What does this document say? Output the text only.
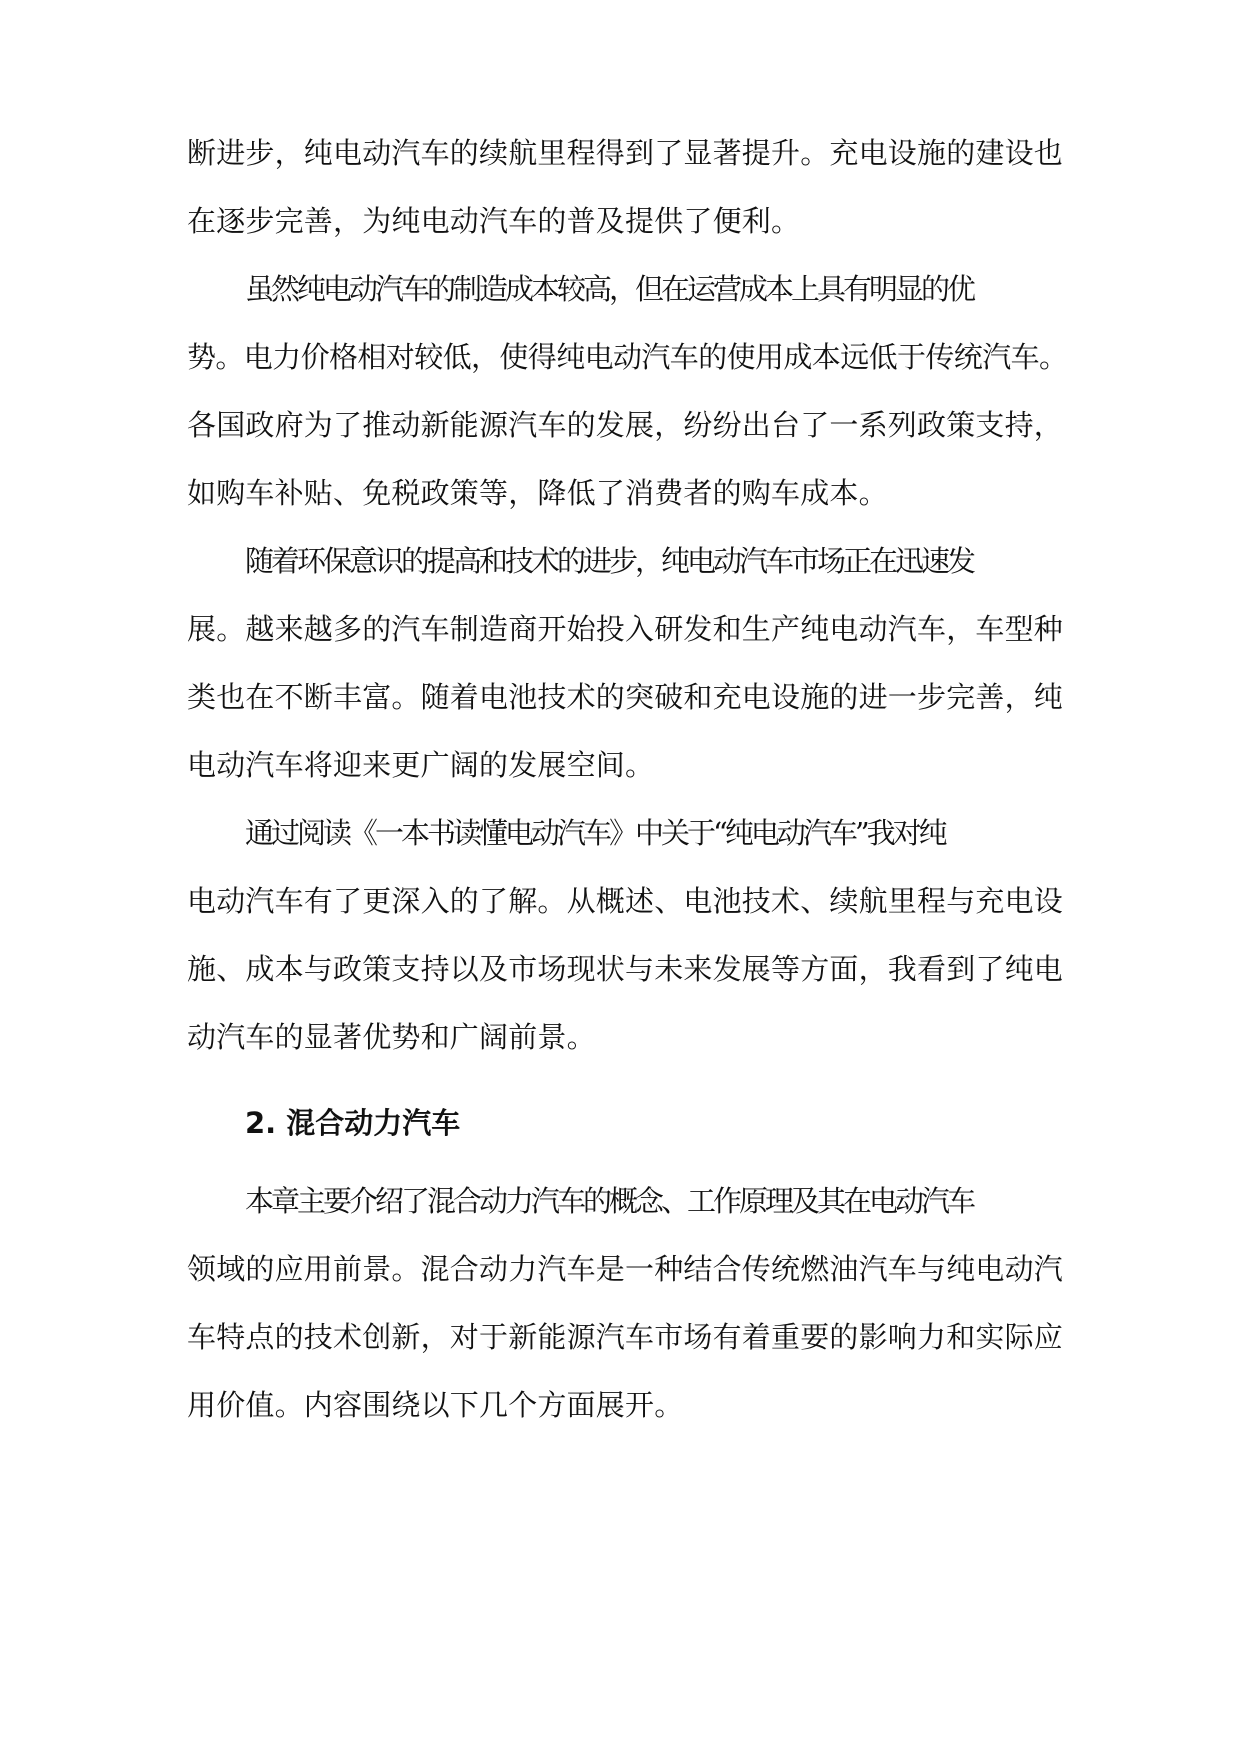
断进步，纯电动汽车的续航里程得到了显著提升。充电设施的建设也
在逐步完善，为纯电动汽车的普及提供了便利。
虽然纯电动汽车的制造成本较高，但在运营成本上具有明显的优
势。电力价格相对较低，使得纯电动汽车的使用成本远低于传统汽车。
各国政府为了推动新能源汽车的发展，纷纷出台了一系列政策支持，
如购车补贴、免税政策等，降低了消费者的购车成本。
随着环保意识的提高和技术的进步，纯电动汽车市场正在迅速发
展。越来越多的汽车制造商开始投入研发和生产纯电动汽车，车型种
类也在不断丰富。随着电池技术的突破和充电设施的进一步完善，纯
电动汽车将迎来更广阔的发展空间。
通过阅读《一本书读懂电动汽车》中关于“纯电动汽车”我对纯
电动汽车有了更深入的了解。从概述、电池技术、续航里程与充电设
施、成本与政策支持以及市场现状与未来发展等方面，我看到了纯电
动汽车的显著优势和广阔前景。
2. 混合动力汽车
本章主要介绍了混合动力汽车的概念、工作原理及其在电动汽车
领域的应用前景。混合动力汽车是一种结合传统燃油汽车与纯电动汽
车特点的技术创新，对于新能源汽车市场有着重要的影响力和实际应
用价值。内容围绕以下几个方面展开。
